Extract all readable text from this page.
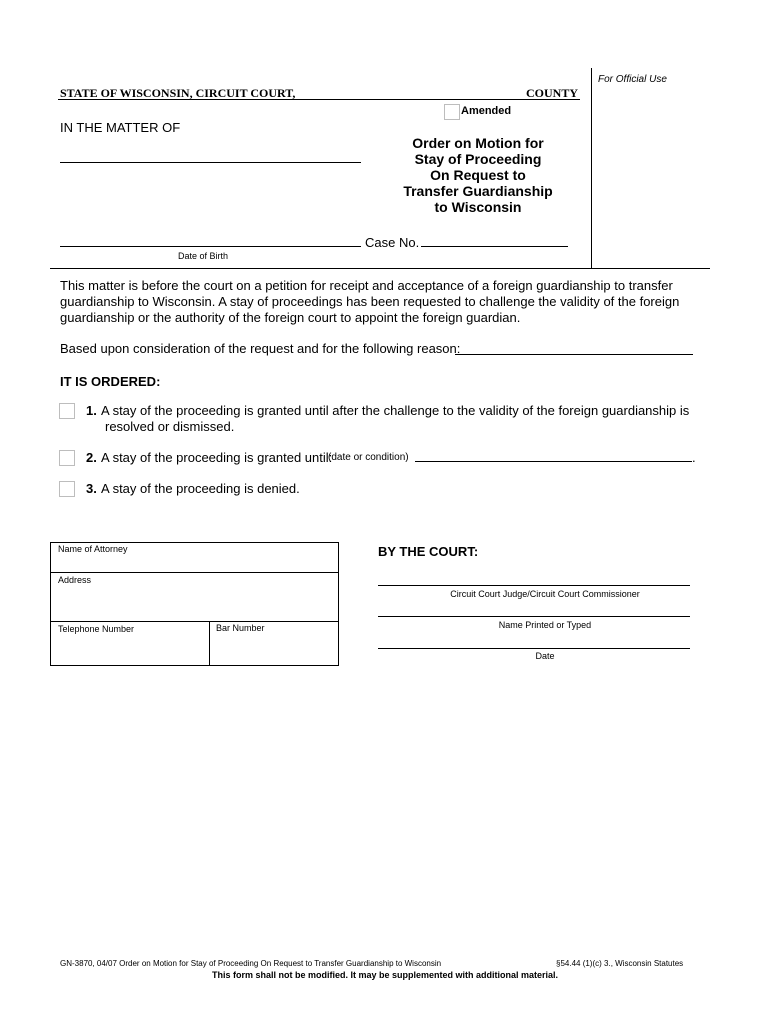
For Official Use
STATE OF WISCONSIN, CIRCUIT COURT,	COUNTY
Amended
IN THE MATTER OF
Order on Motion for
Stay of Proceeding
On Request to
Transfer Guardianship
to Wisconsin
Date of Birth
Case No.
This matter is before the court on a petition for receipt and acceptance of a foreign guardianship to transfer
guardianship to Wisconsin. A stay of proceedings has been requested to challenge the validity of the foreign
guardianship or the authority of the foreign court to appoint the foreign guardian.
Based upon consideration of the request and for the following reason:
IT IS ORDERED:
1. A stay of the proceeding is granted until after the challenge to the validity of the foreign guardianship is
resolved or dismissed.
2. A stay of the proceeding is granted until:
(date or condition)	.
3. A stay of the proceeding is denied.
Name of Attorney
Address
Telephone Number	Bar Number
BY THE COURT:
Circuit Court Judge/Circuit Court Commissioner
Name Printed or Typed
Date
GN-3870, 04/07 Order on Motion for Stay of Proceeding On Request to Transfer Guardianship to Wisconsin	§54.44 (1)(c) 3., Wisconsin Statutes
This form shall not be modified. It may be supplemented with additional material.
